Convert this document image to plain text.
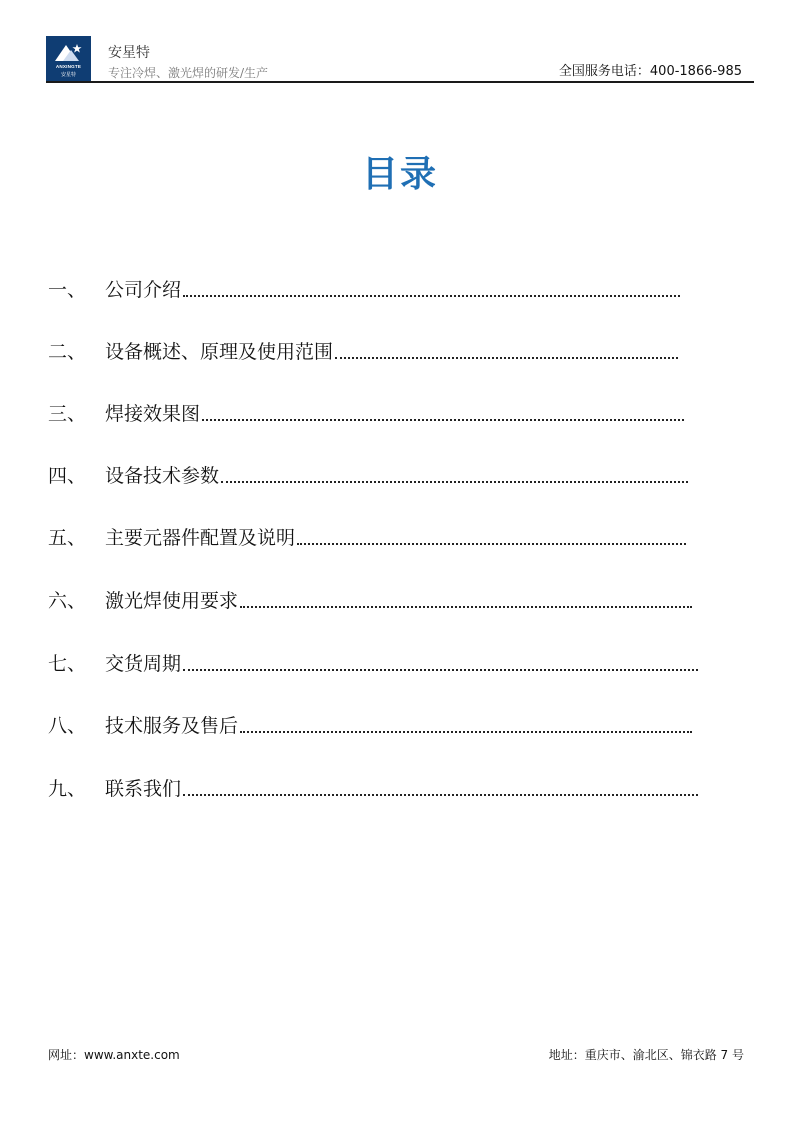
ANXINGTE
安星特
安星特
专注冷焊、激光焊的研发/生产	全国服务电话：400-1866-985
目录
一、 公司介绍
二、 设备概述、原理及使用范围
三、 焊接效果图
四、 设备技术参数
五、 主要元器件配置及说明
六、 激光焊使用要求
七、 交货周期
八、 技术服务及售后
九、 联系我们
网址：www.anxte.com	地址：重庆市、渝北区、锦衣路 7 号
